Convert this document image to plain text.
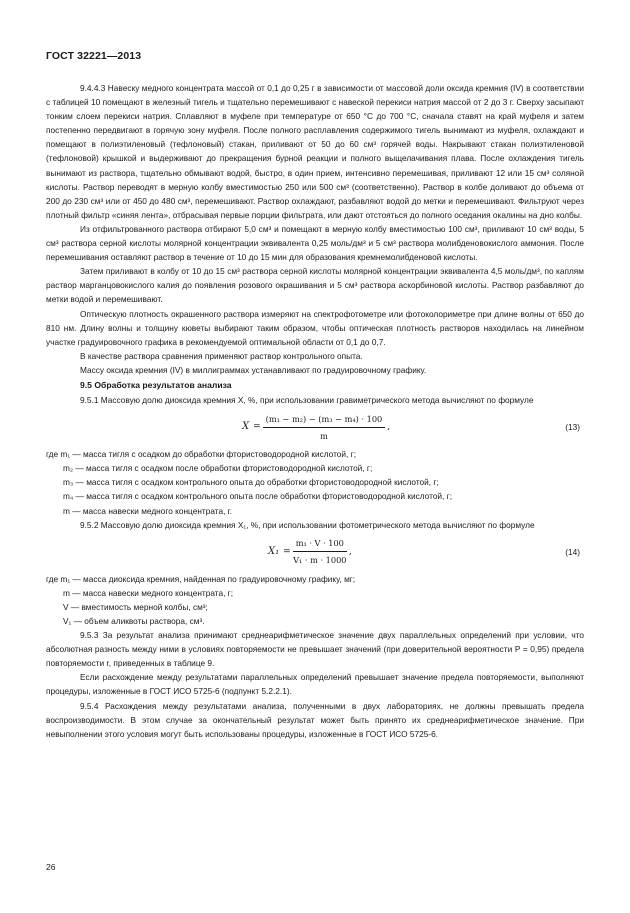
ГОСТ 32221—2013

9.4.4.3 Навеску медного концентрата массой от 0,1 до 0,25 г в зависимости от массовой доли оксида кремния (IV) в соответствии с таблицей 10 помещают в железный тигель и тщательно перемешивают с навеской перекиси натрия массой от 2 до 3 г. Сверху засыпают тонким слоем перекиси натрия. Сплавляют в муфеле при температуре от 650 °С до 700 °С, сначала ставят на край муфеля и затем постепенно передвигают в горячую зону муфеля. После полного расплавления содержимого тигель вынимают из муфеля, охлаждают и помещают в полиэтиленовый (тефлоновый) стакан, приливают от 50 до 60 см³ горячей воды. Накрывают стакан полиэтиленовой (тефлоновой) крышкой и выдерживают до прекращения бурной реакции и полного выщелачивания плава. После охлаждения тигель вынимают из раствора, тщательно обмывают водой, быстро, в один прием, интенсивно перемешивая, приливают 12 или 15 см³ соляной кислоты. Раствор переводят в мерную колбу вместимостью 250 или 500 см³ (соответственно). Раствор в колбе доливают до объема от 200 до 230 см³ или от 450 до 480 см³, перемешивают. Раствор охлаждают, разбавляют водой до метки и перемешивают. Фильтруют через плотный фильтр «синяя лента», отбрасывая первые порции фильтрата, или дают отстояться до полного оседания окалины на дно колбы.

Из отфильтрованного раствора отбирают 5,0 см³ и помещают в мерную колбу вместимостью 100 см³, приливают 10 см³ воды, 5 см³ раствора серной кислоты молярной концентрации эквивалента 0,25 моль/дм³ и 5 см³ раствора молибденовокислого аммония. После перемешивания оставляют раствор в течение от 10 до 15 мин для образования кремнемолибденовой кислоты.

Затем приливают в колбу от 10 до 15 см³ раствора серной кислоты молярной концентрации эквивалента 4,5 моль/дм³, по каплям раствор марганцовокислого калия до появления розового окрашивания и 5 см³ раствора аскорбиновой кислоты. Раствор разбавляют до метки водой и перемешивают.

Оптическую плотность окрашенного раствора измеряют на спектрофотометре или фотоколориметре при длине волны от 650 до 810 нм. Длину волны и толщину кюветы выбирают таким образом, чтобы оптическая плотность растворов находилась на линейном участке градуировочного графика в рекомендуемой оптимальной области от 0,1 до 0,7.

В качестве раствора сравнения применяют раствор контрольного опыта.

Массу оксида кремния (IV) в миллиграммах устанавливают по градуировочному графику.

9.5 Обработка результатов анализа

9.5.1 Массовую долю диоксида кремния X, %, при использовании гравиметрического метода вычисляют по формуле

$X = \frac{\text{(m₁ − m₂) − (m₃ − m₄) · 100}}{m}$ ,	(13)

где m₁ — масса тигля с осадком до обработки фтористоводородной кислотой, г;

m₂ — масса тигля с осадком после обработки фтористоводородной кислотой, г;

m₃ — масса тигля с осадком контрольного опыта до обработки фтористоводородной кислотой, г;

m₄ — масса тигля с осадком контрольного опыта после обработки фтористоводородной кислотой, г;

m — масса навески медного концентрата, г.

9.5.2 Массовую долю диоксида кремния X₁, %, при использовании фотометрического метода вычисляют по формуле

$X_1 = \frac{\text{m₁ · V · 100}}{\text{V₁ · m · 1000}}$ ,	(14)

где m₁ — масса диоксида кремния, найденная по градуировочному графику, мг;

m — масса навески медного концентрата, г;

V — вместимость мерной колбы, см³;

V₁ — объем аликвоты раствора, см³.

9.5.3 За результат анализа принимают среднеарифметическое значение двух параллельных определений при условии, что абсолютная разность между ними в условиях повторяемости не превышает значений (при доверительной вероятности P = 0,95) предела повторяемости r, приведенных в таблице 9.

Если расхождение между результатами параллельных определений превышает значение предела повторяемости, выполняют процедуры, изложенные в ГОСТ ИСО 5725-6 (подпункт 5.2.2.1).

9.5.4 Расхождения между результатами анализа, полученными в двух лабораториях, не должны превышать предела воспроизводимости. В этом случае за окончательный результат может быть принято их среднеарифметическое значение. При невыполнении этого условия могут быть использованы процедуры, изложенные в ГОСТ ИСО 5725-6.

26
